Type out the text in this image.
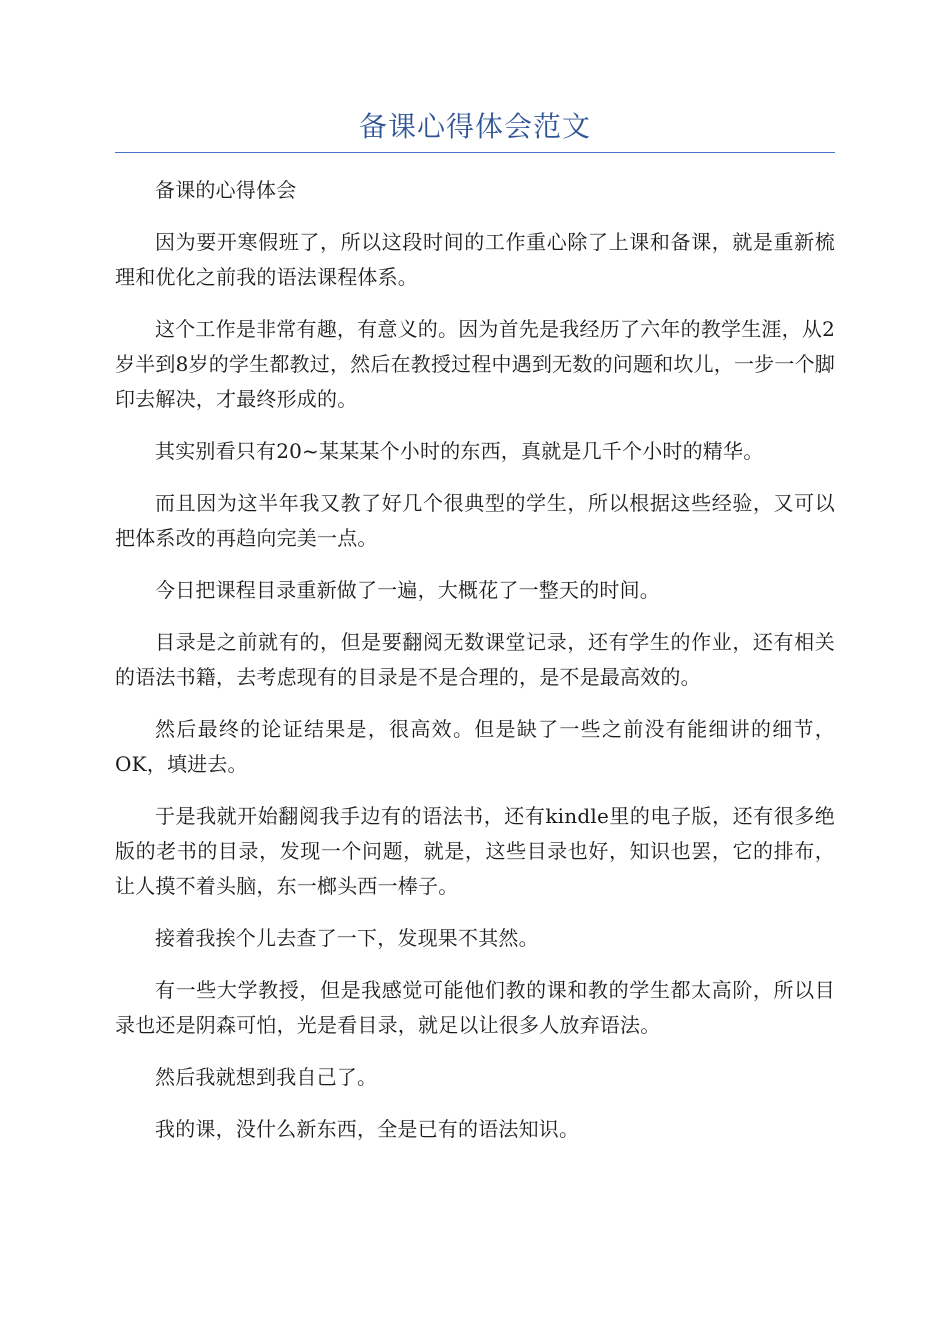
备课心得体会范文

备课的心得体会

因为要开寒假班了，所以这段时间的工作重心除了上课和备课，就是重新梳理和优化之前我的语法课程体系。

这个工作是非常有趣，有意义的。因为首先是我经历了六年的教学生涯，从2岁半到8岁的学生都教过，然后在教授过程中遇到无数的问题和坎儿，一步一个脚印去解决，才最终形成的。

其实别看只有20~某某某个小时的东西，真就是几千个小时的精华。

而且因为这半年我又教了好几个很典型的学生，所以根据这些经验，又可以把体系改的再趋向完美一点。

今日把课程目录重新做了一遍，大概花了一整天的时间。

目录是之前就有的，但是要翻阅无数课堂记录，还有学生的作业，还有相关的语法书籍，去考虑现有的目录是不是合理的，是不是最高效的。

然后最终的论证结果是，很高效。但是缺了一些之前没有能细讲的细节，OK，填进去。

于是我就开始翻阅我手边有的语法书，还有kindle里的电子版，还有很多绝版的老书的目录，发现一个问题，就是，这些目录也好，知识也罢，它的排布，让人摸不着头脑，东一榔头西一棒子。

接着我挨个儿去查了一下，发现果不其然。

有一些大学教授，但是我感觉可能他们教的课和教的学生都太高阶，所以目录也还是阴森可怕，光是看目录，就足以让很多人放弃语法。

然后我就想到我自己了。

我的课，没什么新东西，全是已有的语法知识。
